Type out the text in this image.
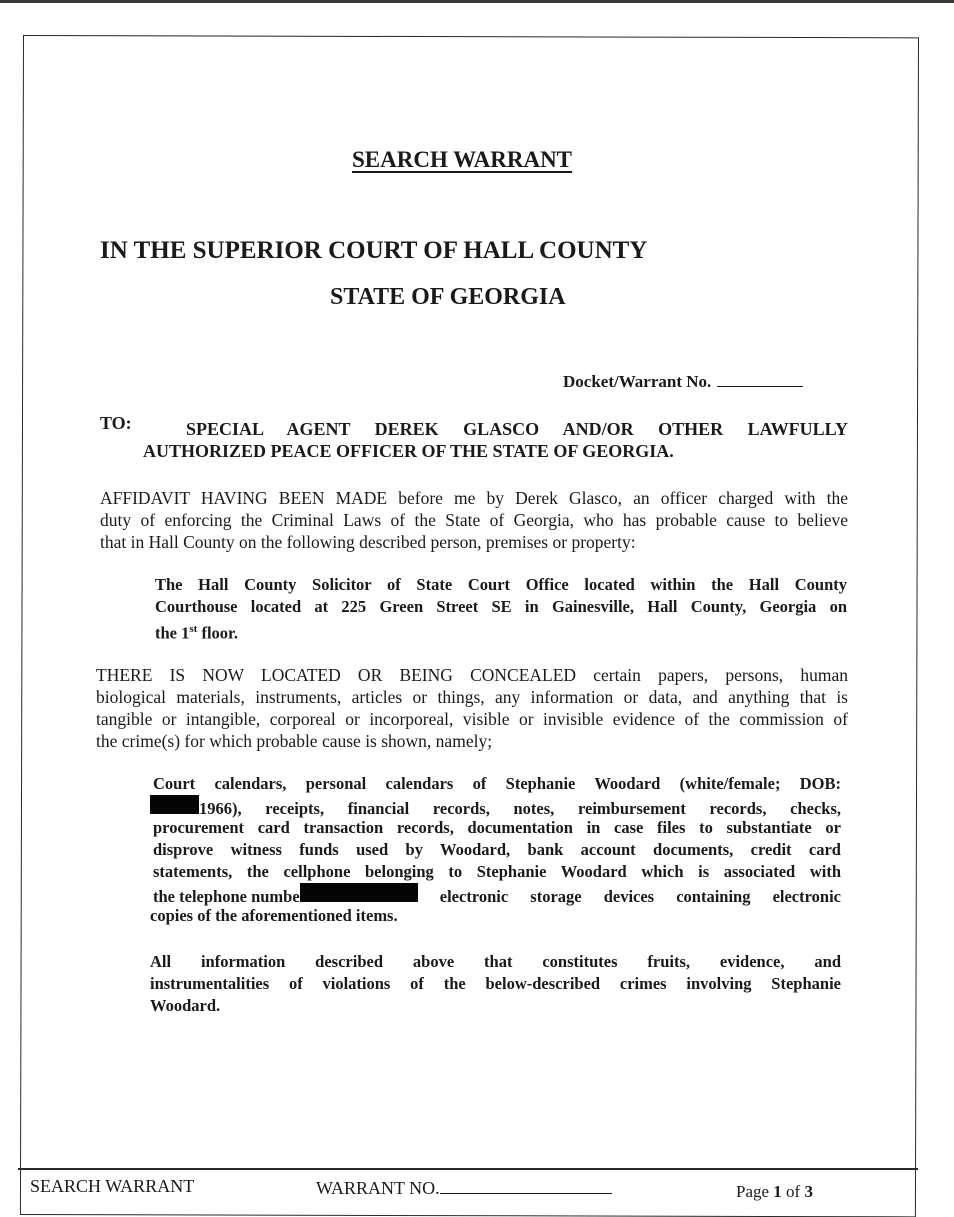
SEARCH WARRANT
IN THE SUPERIOR COURT OF HALL COUNTY
STATE OF GEORGIA
Docket/Warrant No.
TO:	SPECIAL AGENT DEREK GLASCO AND/OR OTHER LAWFULLY
AUTHORIZED PEACE OFFICER OF THE STATE OF GEORGIA.
AFFIDAVIT HAVING BEEN MADE before me by Derek Glasco, an officer charged with the
duty of enforcing the Criminal Laws of the State of Georgia, who has probable cause to believe
that in Hall County on the following described person, premises or property:
The Hall County Solicitor of State Court Office located within the Hall County
Courthouse located at 225 Green Street SE in Gainesville, Hall County, Georgia on
the 1st floor.
THERE IS NOW LOCATED OR BEING CONCEALED certain papers, persons, human
biological materials, instruments, articles or things, any information or data, and anything that is
tangible or intangible, corporeal or incorporeal, visible or invisible evidence of the commission of
the crime(s) for which probable cause is shown, namely;
Court calendars, personal calendars of Stephanie Woodard (white/female; DOB:
1966), receipts, financial records, notes, reimbursement records, checks,
procurement card transaction records, documentation in case files to substantiate or
disprove witness funds used by Woodard, bank account documents, credit card
statements, the cellphone belonging to Stephanie Woodard which is associated with
the telephone numbe	electronic storage devices containing electronic
copies of the aforementioned items.
All information described above that constitutes fruits, evidence, and
instrumentalities of violations of the below-described crimes involving Stephanie
Woodard.
SEARCH WARRANT	WARRANT NO.	Page 1 of 3
